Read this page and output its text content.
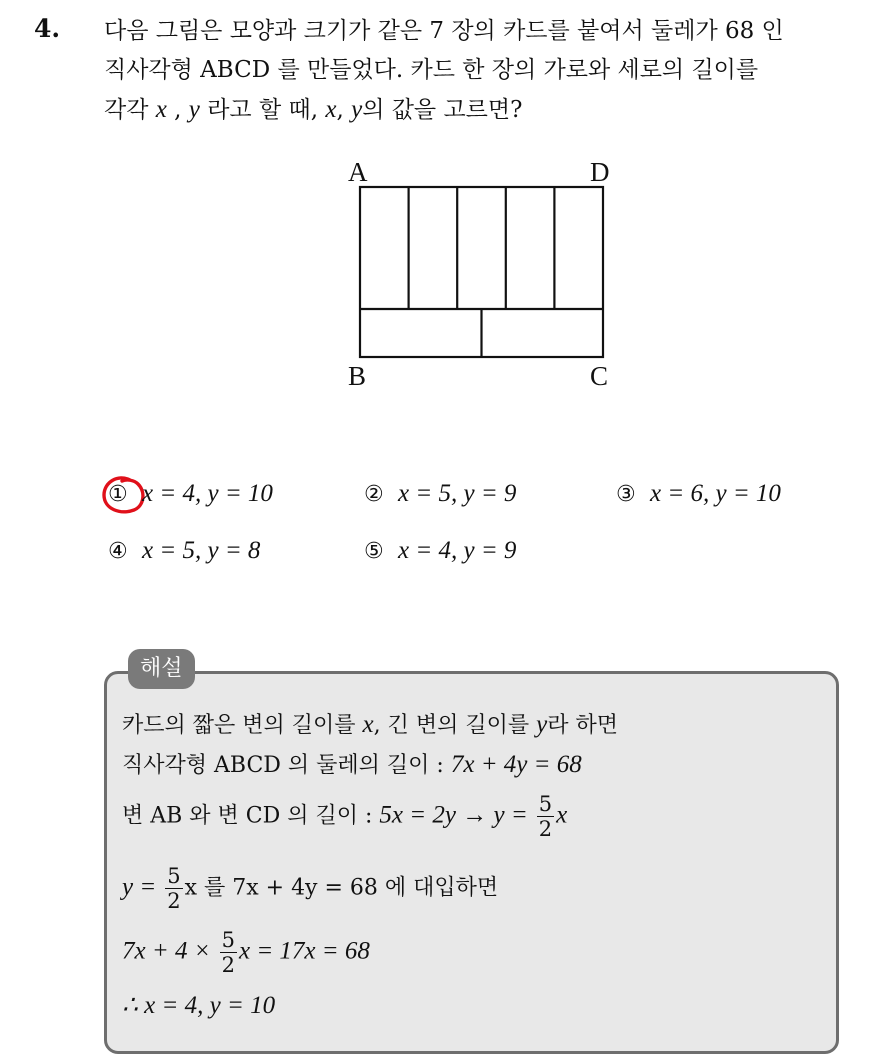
4. 다음 그림은 모양과 크기가 같은 7 장의 카드를 붙여서 둘레가 68 인
직사각형 ABCD 를 만들었다. 카드 한 장의 가로와 세로의 길이를
각각 x , y 라고 할 때, x, y의 값을 고르면?
A	D
B	C
① x = 4, y = 10	② x = 5, y = 9	③ x = 6, y = 10
④ x = 5, y = 8	⑤ x = 4, y = 9
해설
카드의 짧은 변의 길이를 x, 긴 변의 길이를 y라 하면
직사각형 ABCD 의 둘레의 길이 : 7x + 4y = 68
변 AB 와 변 CD 의 길이 : $5x = 2y \to y = \frac{5}{2}$ x
$y = \frac{5}{2}$ x 를 7x + 4y = 68 에 대입하면
$7x + 4 \times \frac{5}{2}$ x = 17x = 68
∴ x = 4, y = 10
